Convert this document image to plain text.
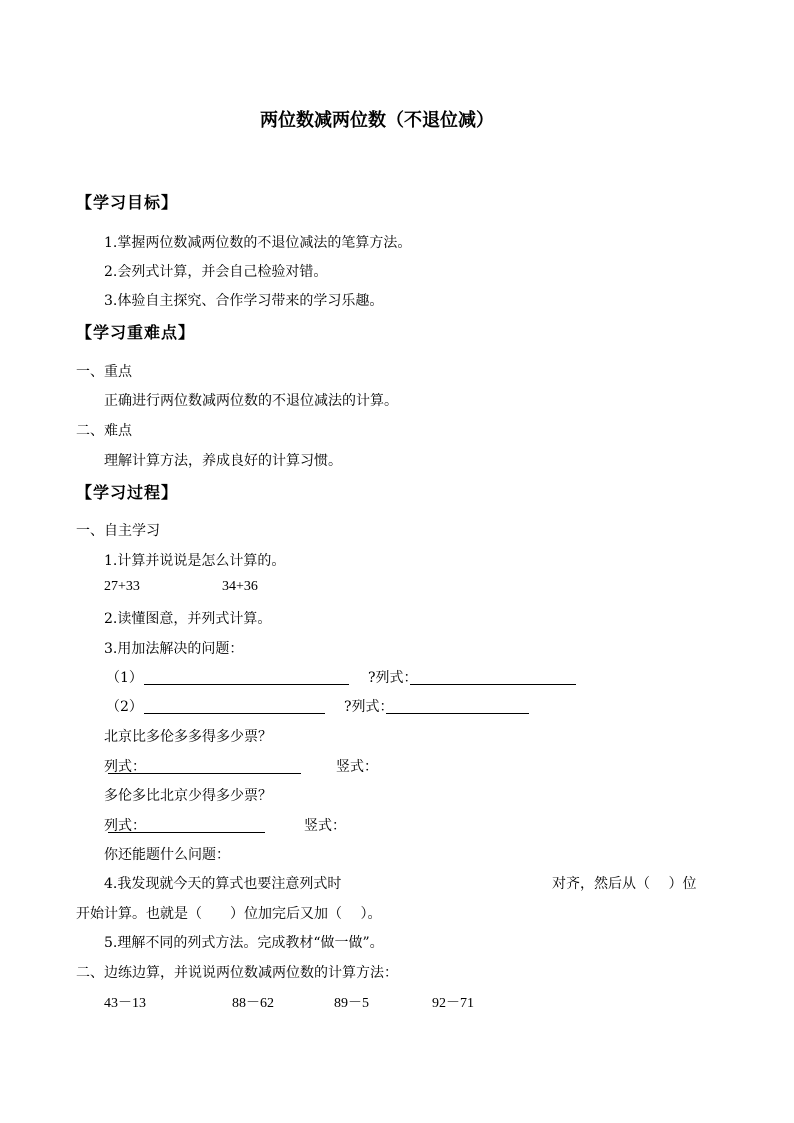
两位数减两位数（不退位减）
【学习目标】
1.掌握两位数减两位数的不退位减法的笔算方法。
2.会列式计算，并会自己检验对错。
3.体验自主探究、合作学习带来的学习乐趣。
【学习重难点】
一、重点
正确进行两位数减两位数的不退位减法的计算。
二、难点
理解计算方法，养成良好的计算习惯。
【学习过程】
一、自主学习
1.计算并说说是怎么计算的。
27+33	34+36
2.读懂图意，并列式计算。
3.用加法解决的问题：
（1）	?列式：
（2）	?列式：
北京比多伦多多得多少票？
列式：	竖式：
多伦多比北京少得多少票？
列式：	竖式：
你还能题什么问题：
4.我发现就今天的算式也要注意列式时	对齐，然后从（　 ）位
开始计算。也就是（　　）位加完后又加（　 ）。
5.理解不同的列式方法。完成教材“做一做”。
二、边练边算，并说说两位数减两位数的计算方法：
43－13	88－62	89－5	92－71
